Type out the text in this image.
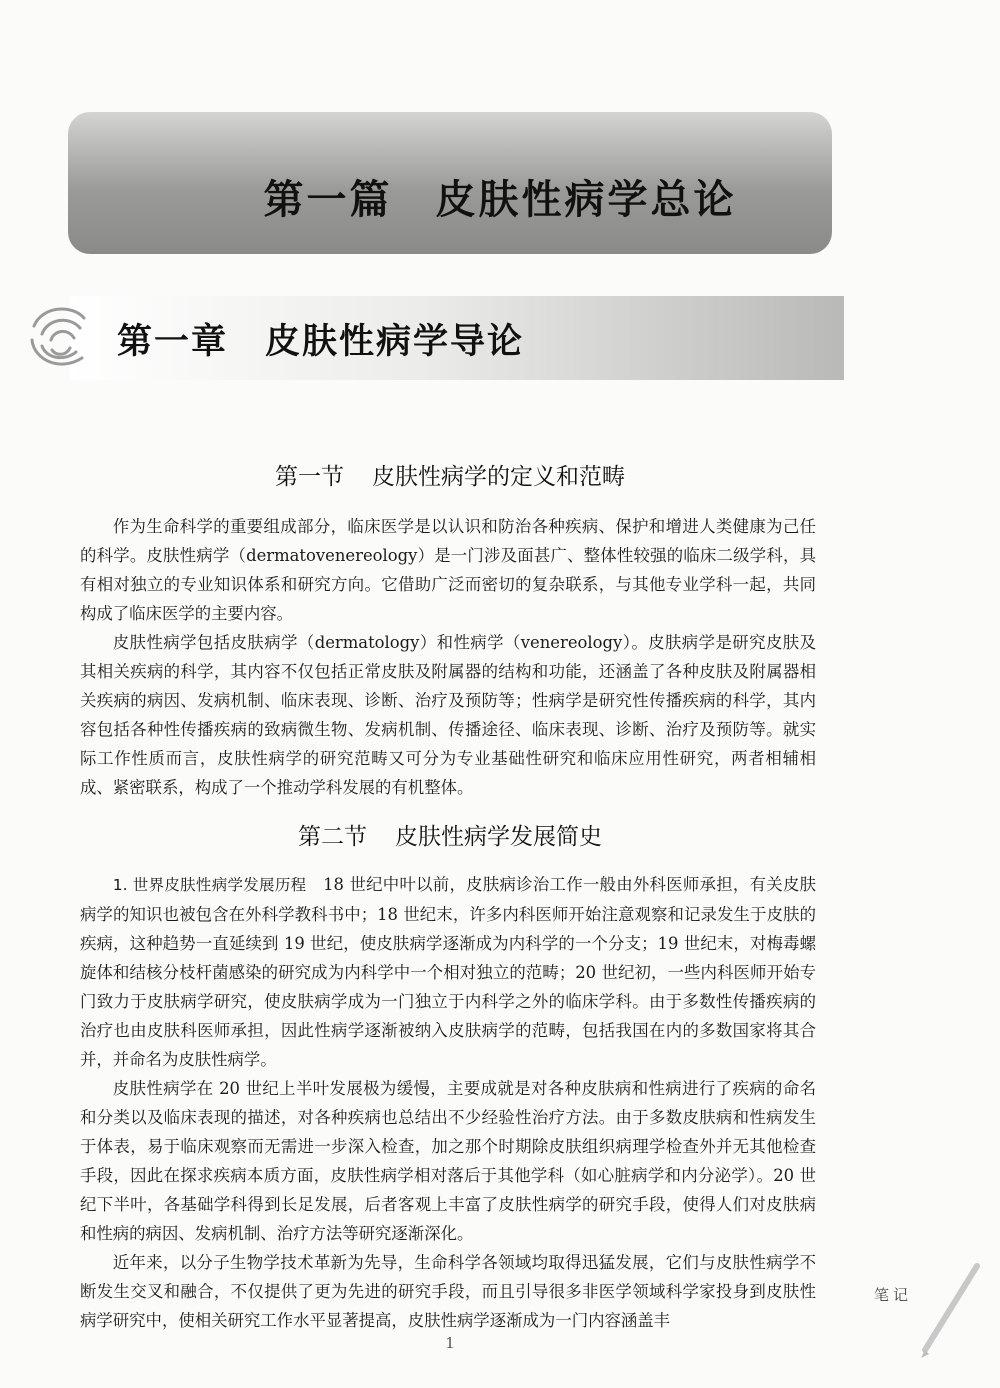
第一篇　皮肤性病学总论
第一章　皮肤性病学导论
第一节 皮肤性病学的定义和范畴

作为生命科学的重要组成部分，临床医学是以认识和防治各种疾病、保护和增进人类健康为己任的科学。皮肤性病学（dermatovenereology）是一门涉及面甚广、整体性较强的临床二级学科，具有相对独立的专业知识体系和研究方向。它借助广泛而密切的复杂联系，与其他专业学科一起，共同构成了临床医学的主要内容。

皮肤性病学包括皮肤病学（dermatology）和性病学（venereology）。皮肤病学是研究皮肤及其相关疾病的科学，其内容不仅包括正常皮肤及附属器的结构和功能，还涵盖了各种皮肤及附属器相关疾病的病因、发病机制、临床表现、诊断、治疗及预防等；性病学是研究性传播疾病的科学，其内容包括各种性传播疾病的致病微生物、发病机制、传播途径、临床表现、诊断、治疗及预防等。就实际工作性质而言，皮肤性病学的研究范畴又可分为专业基础性研究和临床应用性研究，两者相辅相成、紧密联系，构成了一个推动学科发展的有机整体。

第二节 皮肤性病学发展简史

1. 世界皮肤性病学发展历程　 18 世纪中叶以前，皮肤病诊治工作一般由外科医师承担，有关皮肤病学的知识也被包含在外科学教科书中；18 世纪末，许多内科医师开始注意观察和记录发生于皮肤的疾病，这种趋势一直延续到 19 世纪，使皮肤病学逐渐成为内科学的一个分支；19 世纪末，对梅毒螺旋体和结核分枝杆菌感染的研究成为内科学中一个相对独立的范畴；20 世纪初，一些内科医师开始专门致力于皮肤病学研究，使皮肤病学成为一门独立于内科学之外的临床学科。由于多数性传播疾病的治疗也由皮肤科医师承担，因此性病学逐渐被纳入皮肤病学的范畴，包括我国在内的多数国家将其合并，并命名为皮肤性病学。

皮肤性病学在 20 世纪上半叶发展极为缓慢，主要成就是对各种皮肤病和性病进行了疾病的命名和分类以及临床表现的描述，对各种疾病也总结出不少经验性治疗方法。由于多数皮肤病和性病发生于体表，易于临床观察而无需进一步深入检查，加之那个时期除皮肤组织病理学检查外并无其他检查手段，因此在探求疾病本质方面，皮肤性病学相对落后于其他学科（如心脏病学和内分泌学）。20 世纪下半叶，各基础学科得到长足发展，后者客观上丰富了皮肤性病学的研究手段，使得人们对皮肤病和性病的病因、发病机制、治疗方法等研究逐渐深化。

近年来，以分子生物学技术革新为先导，生命科学各领域均取得迅猛发展，它们与皮肤性病学不断发生交叉和融合，不仅提供了更为先进的研究手段，而且引导很多非医学领域科学家投身到皮肤性病学研究中，使相关研究工作水平显著提高，皮肤性病学逐渐成为一门内容涵盖丰

笔记
1
